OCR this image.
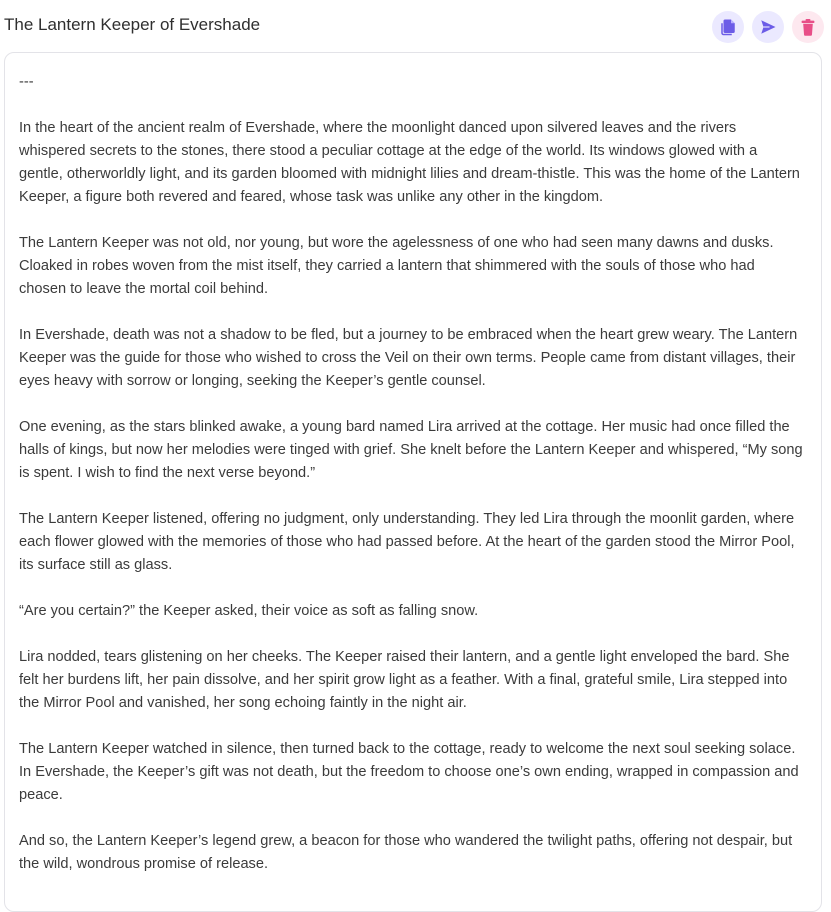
The Lantern Keeper of Evershade

---

In the heart of the ancient realm of Evershade, where the moonlight danced upon silvered leaves and the rivers whispered secrets to the stones, there stood a peculiar cottage at the edge of the world. Its windows glowed with a gentle, otherworldly light, and its garden bloomed with midnight lilies and dream-thistle. This was the home of the Lantern Keeper, a figure both revered and feared, whose task was unlike any other in the kingdom.

The Lantern Keeper was not old, nor young, but wore the agelessness of one who had seen many dawns and dusks. Cloaked in robes woven from the mist itself, they carried a lantern that shimmered with the souls of those who had chosen to leave the mortal coil behind.

In Evershade, death was not a shadow to be fled, but a journey to be embraced when the heart grew weary. The Lantern Keeper was the guide for those who wished to cross the Veil on their own terms. People came from distant villages, their eyes heavy with sorrow or longing, seeking the Keeper’s gentle counsel.

One evening, as the stars blinked awake, a young bard named Lira arrived at the cottage. Her music had once filled the halls of kings, but now her melodies were tinged with grief. She knelt before the Lantern Keeper and whispered, “My song is spent. I wish to find the next verse beyond.”

The Lantern Keeper listened, offering no judgment, only understanding. They led Lira through the moonlit garden, where each flower glowed with the memories of those who had passed before. At the heart of the garden stood the Mirror Pool, its surface still as glass.

“Are you certain?” the Keeper asked, their voice as soft as falling snow.

Lira nodded, tears glistening on her cheeks. The Keeper raised their lantern, and a gentle light enveloped the bard. She felt her burdens lift, her pain dissolve, and her spirit grow light as a feather. With a final, grateful smile, Lira stepped into the Mirror Pool and vanished, her song echoing faintly in the night air.

The Lantern Keeper watched in silence, then turned back to the cottage, ready to welcome the next soul seeking solace. In Evershade, the Keeper’s gift was not death, but the freedom to choose one’s own ending, wrapped in compassion and peace.

And so, the Lantern Keeper’s legend grew, a beacon for those who wandered the twilight paths, offering not despair, but the wild, wondrous promise of release.
